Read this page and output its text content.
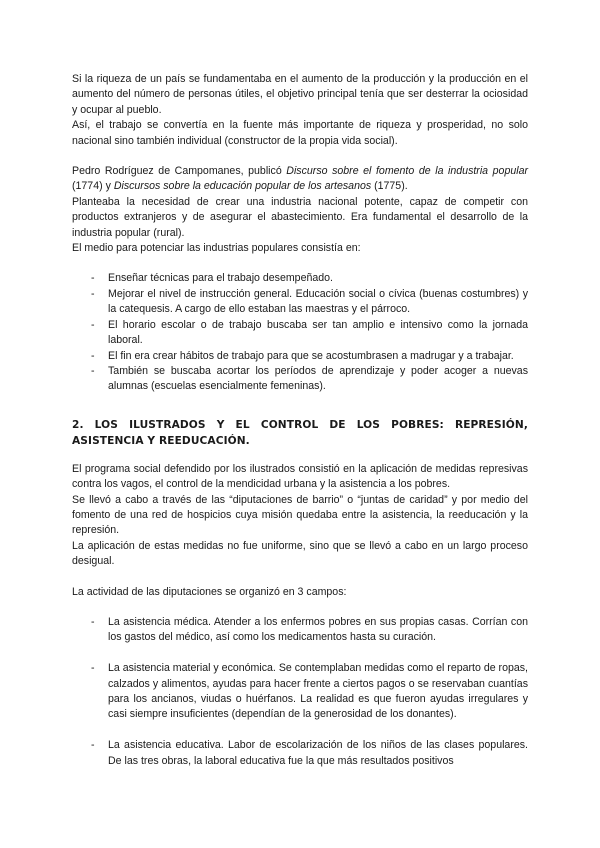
Si la riqueza de un país se fundamentaba en el aumento de la producción y la producción en el aumento del número de personas útiles, el objetivo principal tenía que ser desterrar la ociosidad y ocupar al pueblo.

Así, el trabajo se convertía en la fuente más importante de riqueza y prosperidad, no solo nacional sino también individual (constructor de la propia vida social).

Pedro Rodríguez de Campomanes, publicó Discurso sobre el fomento de la industria popular (1774) y Discursos sobre la educación popular de los artesanos (1775).

Planteaba la necesidad de crear una industria nacional potente, capaz de competir con productos extranjeros y de asegurar el abastecimiento. Era fundamental el desarrollo de la industria popular (rural).

El medio para potenciar las industrias populares consistía en:

- Enseñar técnicas para el trabajo desempeñado.
- Mejorar el nivel de instrucción general. Educación social o cívica (buenas costumbres) y la catequesis. A cargo de ello estaban las maestras y el párroco.
- El horario escolar o de trabajo buscaba ser tan amplio e intensivo como la jornada laboral.
- El fin era crear hábitos de trabajo para que se acostumbrasen a madrugar y a trabajar.
- También se buscaba acortar los períodos de aprendizaje y poder acoger a nuevas alumnas (escuelas esencialmente femeninas).
2. LOS ILUSTRADOS Y EL CONTROL DE LOS POBRES: REPRESIÓN, ASISTENCIA Y REEDUCACIÓN.

El programa social defendido por los ilustrados consistió en la aplicación de medidas represivas contra los vagos, el control de la mendicidad urbana y la asistencia a los pobres.

Se llevó a cabo a través de las “diputaciones de barrio” o “juntas de caridad” y por medio del fomento de una red de hospicios cuya misión quedaba entre la asistencia, la reeducación y la represión.

La aplicación de estas medidas no fue uniforme, sino que se llevó a cabo en un largo proceso desigual.

La actividad de las diputaciones se organizó en 3 campos:

- La asistencia médica. Atender a los enfermos pobres en sus propias casas. Corrían con los gastos del médico, así como los medicamentos hasta su curación.
- La asistencia material y económica. Se contemplaban medidas como el reparto de ropas, calzados y alimentos, ayudas para hacer frente a ciertos pagos o se reservaban cuantías para los ancianos, viudas o huérfanos. La realidad es que fueron ayudas irregulares y casi siempre insuficientes (dependían de la generosidad de los donantes).
- La asistencia educativa. Labor de escolarización de los niños de las clases populares. De las tres obras, la laboral educativa fue la que más resultados positivos
